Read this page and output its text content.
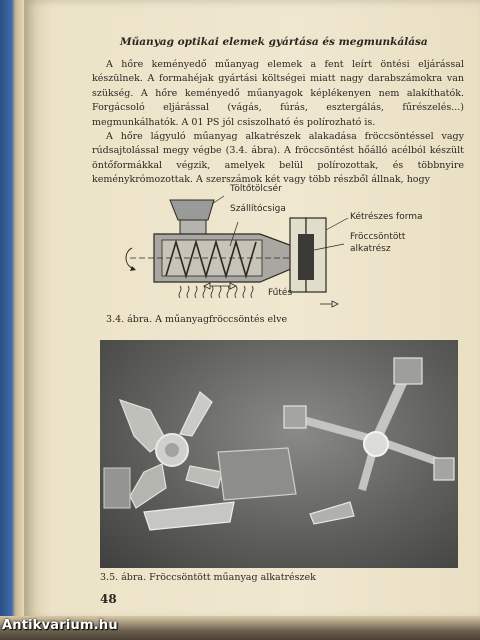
Műanyag optikai elemek gyártása és megmunkálása

A hőre keményedő műanyag elemek a fent leírt öntési eljárással készülnek. A formahéjak gyártási költségei miatt nagy darabszámokra van szükség. A hőre keményedő műanyagok képlékenyen nem alakíthatók. Forgácsoló eljárással (vágás, fúrás, esztergálás, fűrészelés...) megmunkálhatók. A 01 PS jól csiszolható és polírozható is.

A hőre lágyuló műanyag alkatrészek alakadása fröccsöntéssel vagy rúdsajtolással megy végbe (3.4. ábra). A fröccsöntést hőálló acélból készült öntőformákkal végzik, amelyek belül polírozottak, és többnyire keménykrómozottak. A szerszámok két vagy több részből állnak, hogy

Töltőtölcsér
Szállítócsiga
Kétrészes forma
Fröccsöntött
alkatrész
Fűtés
3.4. ábra. A műanyagfröccsöntés elve
3.5. ábra. Fröccsöntött műanyag alkatrészek
48
Antikvarium.hu
